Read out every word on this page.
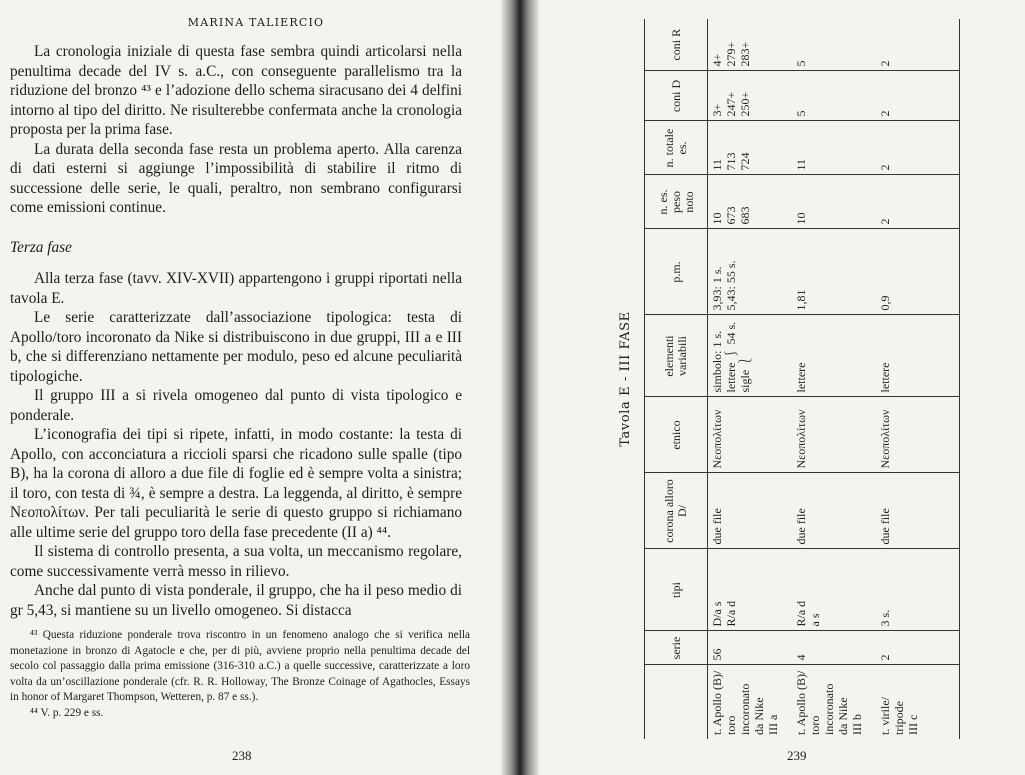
MARINA TALIERCIO

La cronologia iniziale di questa fase sembra quindi articolarsi nella penultima decade del IV s. a.C., con conseguente parallelismo tra la riduzione del bronzo ⁴³ e l’adozione dello schema siracusano dei 4 delfini intorno al tipo del diritto. Ne risulterebbe confermata anche la cronologia proposta per la prima fase.

La durata della seconda fase resta un problema aperto. Alla carenza di dati esterni si aggiunge l’impossibilità di stabilire il ritmo di successione delle serie, le quali, peraltro, non sembrano configurarsi come emissioni continue.

Terza fase

Alla terza fase (tavv. XIV-XVII) appartengono i gruppi riportati nella tavola Ε.

Le serie caratterizzate dall’associazione tipologica: testa di Apollo/toro incoronato da Nike si distribuiscono in due gruppi, III a e III b, che si differenziano nettamente per modulo, peso ed alcune peculiarità tipologiche.

Il gruppo III a si rivela omogeneo dal punto di vista tipologico e ponderale.

L’iconografia dei tipi si ripete, infatti, in modo costante: la testa di Apollo, con acconciatura a riccioli sparsi che ricadono sulle spalle (tipo B), ha la corona di alloro a due file di foglie ed è sempre volta a sinistra; il toro, con testa di ¾, è sempre a destra. La leggenda, al diritto, è sempre Νεοπολίτων. Per tali peculiarità le serie di questo gruppo si richiamano alle ultime serie del gruppo toro della fase precedente (II a) ⁴⁴.

Il sistema di controllo presenta, a sua volta, un meccanismo regolare, come successivamente verrà messo in rilievo.

Anche dal punto di vista ponderale, il gruppo, che ha il peso medio di gr 5,43, si mantiene su un livello omogeneo. Si distacca

⁴³ Questa riduzione ponderale trova riscontro in un fenomeno analogo che si verifica nella monetazione in bronzo di Agatocle e che, per di più, avviene proprio nella penultima decade del secolo col passaggio dalla prima emissione (316-310 a.C.) a quelle successive, caratterizzate a loro volta da un’oscillazione ponderale (cfr. R. R. Holloway, The Bronze Coinage of Agathocles, Essays in honor of Margaret Thompson, Wetteren, p. 87 e ss.).

⁴⁴ V. p. 229 e ss.

238
Tavola E - III FASE
	serie	tipi	corona alloro D/	etnico	elementi variabili	p.m.	n. es. peso noto	n. totale es.	coni D	coni R

t. Apollo (B)/ toro incoronato da Nike III a	56	D/a s R/a d	due file	Νεοπολίτων	simbolo: 1 s. lettere ⎰ 54 s. sigle ⎱	3,93: 1 s. 5,43: 55 s.	10 673 683	11 713 724	3+ 247+ 250+	4+ 279+ 283+

t. Apollo (B)/ toro incoronato da Nike III b	4	R/a d a s	due file	Νεοπολίτων	lettere	1,81	10	11	5	5

t. virile/ tripode III c	2	3 s.	due file	Νεοπολίτων	lettere	0,9	2	2	2	2
239
